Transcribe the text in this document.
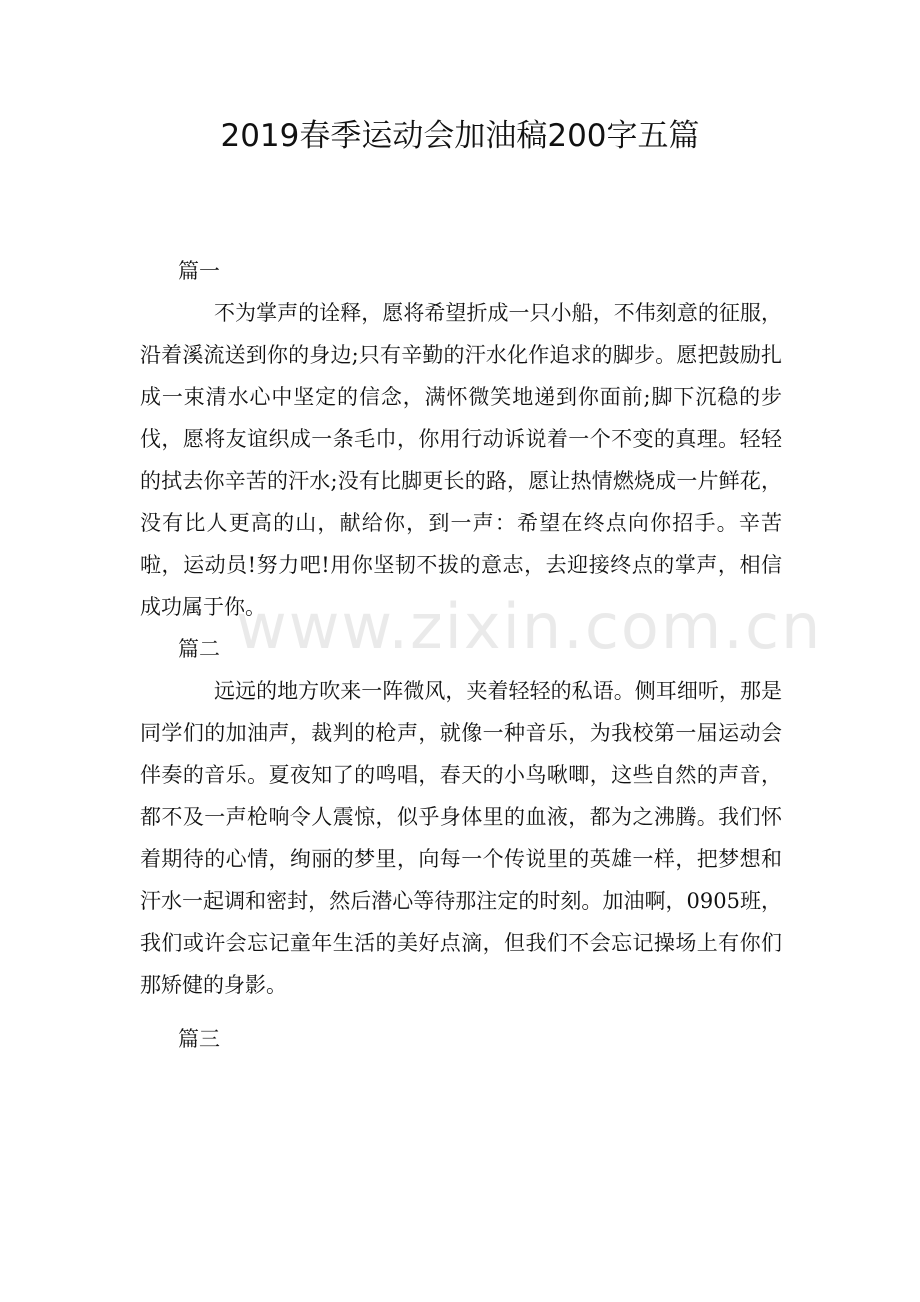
www.zixin.com.cn
2019春季运动会加油稿200字五篇

篇一

不为掌声的诠释，愿将希望折成一只小船，不伟刻意的征服，沿着溪流送到你的身边;只有辛勤的汗水化作追求的脚步。愿把鼓励扎成一束清水心中坚定的信念，满怀微笑地递到你面前;脚下沉稳的步伐，愿将友谊织成一条毛巾，你用行动诉说着一个不变的真理。轻轻的拭去你辛苦的汗水;没有比脚更长的路，愿让热情燃烧成一片鲜花，没有比人更高的山，献给你，到一声：希望在终点向你招手。辛苦啦，运动员!努力吧!用你坚韧不拔的意志，去迎接终点的掌声，相信成功属于你。

篇二

远远的地方吹来一阵微风，夹着轻轻的私语。侧耳细听，那是同学们的加油声，裁判的枪声，就像一种音乐，为我校第一届运动会伴奏的音乐。夏夜知了的鸣唱，春天的小鸟啾唧，这些自然的声音，都不及一声枪响令人震惊，似乎身体里的血液，都为之沸腾。我们怀着期待的心情，绚丽的梦里，向每一个传说里的英雄一样，把梦想和汗水一起调和密封，然后潜心等待那注定的时刻。加油啊，0905班，我们或许会忘记童年生活的美好点滴，但我们不会忘记操场上有你们那矫健的身影。

篇三
